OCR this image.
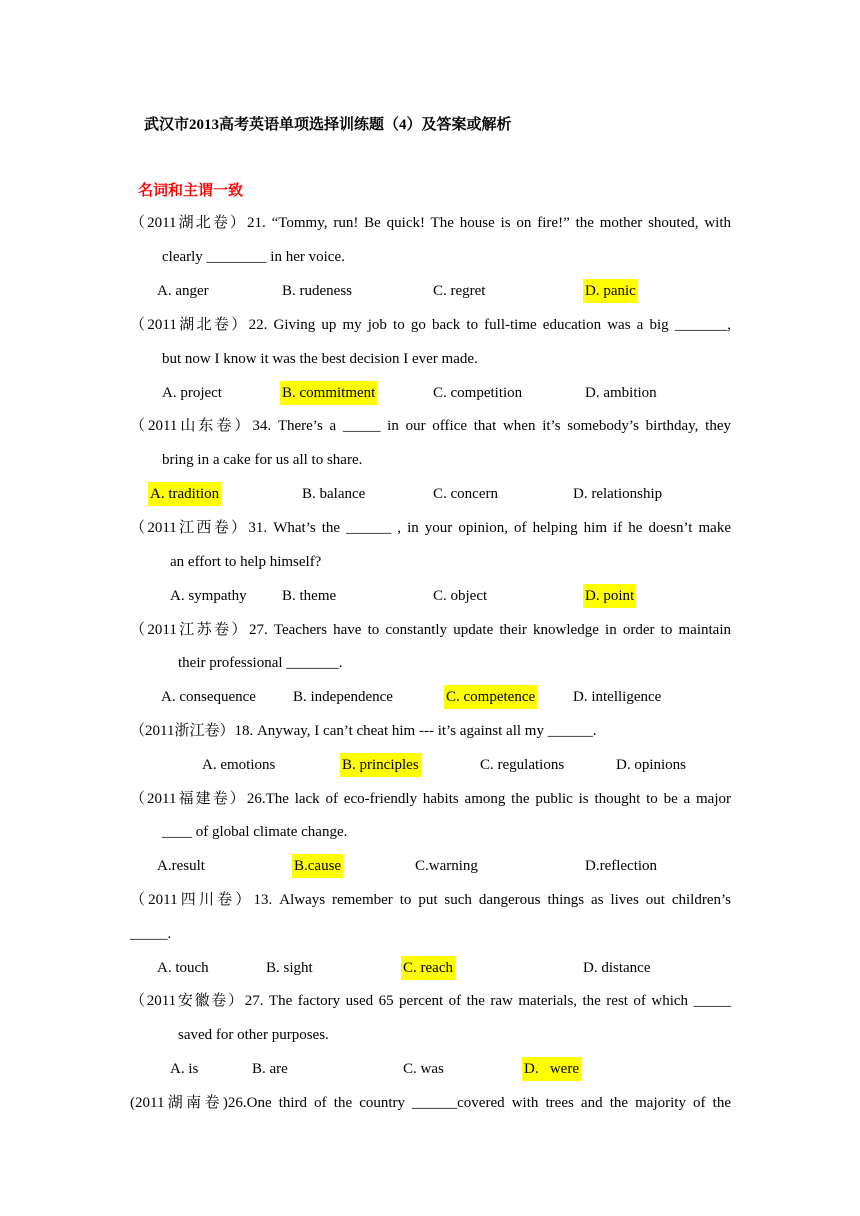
武汉市2013高考英语单项选择训练题（4）及答案或解析
名词和主谓一致
（2011湖北卷）21. “Tommy, run! Be quick! The house is on fire!” the mother shouted, with
clearly ________ in her voice.
A. anger	B. rudeness	C. regret	D. panic
（2011湖北卷）22. Giving up my job to go back to full-time education was a big _______,
but now I know it was the best decision I ever made.
A. project	B. commitment	C. competition	D. ambition
（2011山东卷）34. There’s a _____ in our office that when it’s somebody’s birthday, they
bring in a cake for us all to share.
A. tradition	B. balance	C. concern	D. relationship
（2011江西卷）31. What’s the ______ , in your opinion, of helping him if he doesn’t make
an effort to help himself?
A. sympathy B. theme	C. object	D. point
（2011江苏卷）27. Teachers have to constantly update their knowledge in order to maintain
their professional _______.
A. consequence B. independence	C. competence	D. intelligence
（2011浙江卷）18. Anyway, I can’t cheat him --- it’s against all my ______.
A. emotions	B. principles	C. regulations	D. opinions
（2011福建卷）26.The lack of eco-friendly habits among the public is thought to be a major
____ of global climate change.
A.result	B.cause	C.warning	D.reflection
（2011四川卷）13. Always remember to put such dangerous things as lives out children’s
_____.
A. touch	B. sight	C. reach	D. distance
（2011安徽卷）27. The factory used 65 percent of the raw materials, the rest of which _____
saved for other purposes.
A. is	B. are	C. was	D.   were
(2011湖南卷)26.One third of the country ______covered with trees and the majority of the
